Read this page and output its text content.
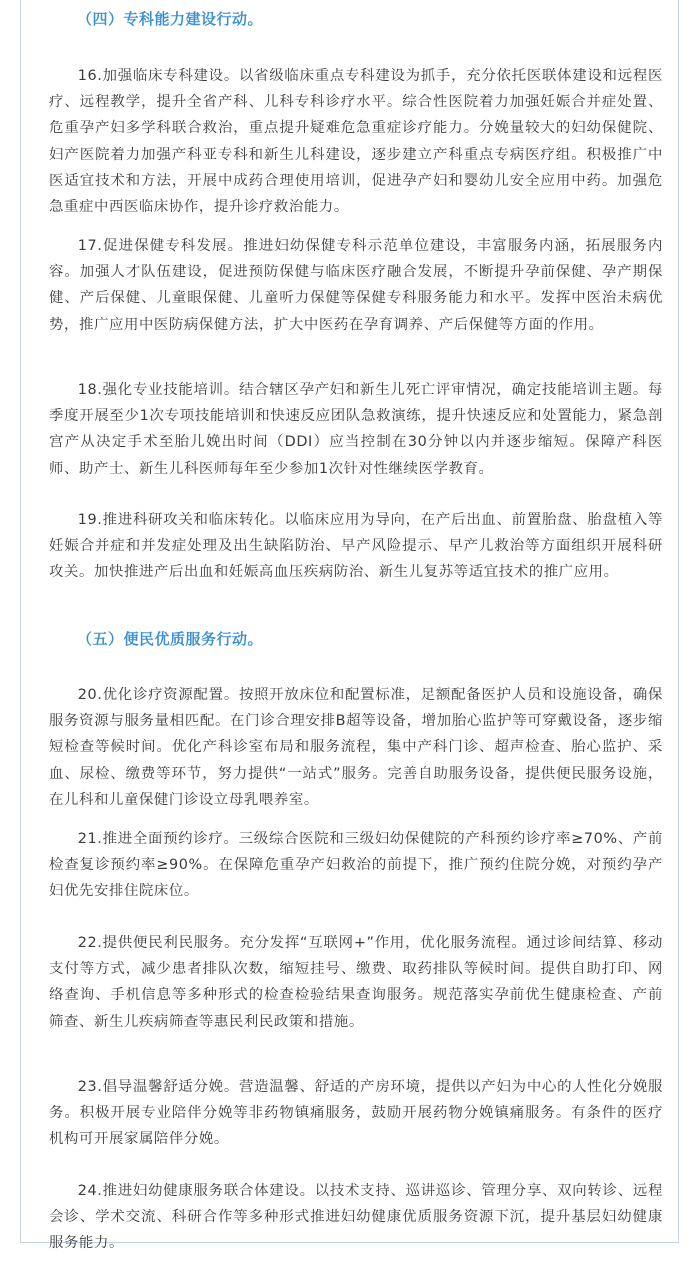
（四）专科能力建设行动。

16.加强临床专科建设。以省级临床重点专科建设为抓手，充分依托医联体建设和远程医疗、远程教学，提升全省产科、儿科专科诊疗水平。综合性医院着力加强妊娠合并症处置、危重孕产妇多学科联合救治，重点提升疑难危急重症诊疗能力。分娩量较大的妇幼保健院、妇产医院着力加强产科亚专科和新生儿科建设，逐步建立产科重点专病医疗组。积极推广中医适宜技术和方法，开展中成药合理使用培训，促进孕产妇和婴幼儿安全应用中药。加强危急重症中西医临床协作，提升诊疗救治能力。

17.促进保健专科发展。推进妇幼保健专科示范单位建设，丰富服务内涵，拓展服务内容。加强人才队伍建设，促进预防保健与临床医疗融合发展，不断提升孕前保健、孕产期保健、产后保健、儿童眼保健、儿童听力保健等保健专科服务能力和水平。发挥中医治未病优势，推广应用中医防病保健方法，扩大中医药在孕育调养、产后保健等方面的作用。

18.强化专业技能培训。结合辖区孕产妇和新生儿死亡评审情况，确定技能培训主题。每季度开展至少1次专项技能培训和快速反应团队急救演练，提升快速反应和处置能力，紧急剖宫产从决定手术至胎儿娩出时间（DDI）应当控制在30分钟以内并逐步缩短。保障产科医师、助产士、新生儿科医师每年至少参加1次针对性继续医学教育。

19.推进科研攻关和临床转化。以临床应用为导向，在产后出血、前置胎盘、胎盘植入等妊娠合并症和并发症处理及出生缺陷防治、早产风险提示、早产儿救治等方面组织开展科研攻关。加快推进产后出血和妊娠高血压疾病防治、新生儿复苏等适宜技术的推广应用。

（五）便民优质服务行动。

20.优化诊疗资源配置。按照开放床位和配置标准，足额配备医护人员和设施设备，确保服务资源与服务量相匹配。在门诊合理安排B超等设备，增加胎心监护等可穿戴设备，逐步缩短检查等候时间。优化产科诊室布局和服务流程，集中产科门诊、超声检查、胎心监护、采血、尿检、缴费等环节，努力提供“一站式”服务。完善自助服务设备，提供便民服务设施，在儿科和儿童保健门诊设立母乳喂养室。

21.推进全面预约诊疗。三级综合医院和三级妇幼保健院的产科预约诊疗率≥70%、产前检查复诊预约率≥90%。在保障危重孕产妇救治的前提下，推广预约住院分娩，对预约孕产妇优先安排住院床位。

22.提供便民利民服务。充分发挥“互联网+”作用，优化服务流程。通过诊间结算、移动支付等方式，减少患者排队次数，缩短挂号、缴费、取药排队等候时间。提供自助打印、网络查询、手机信息等多种形式的检查检验结果查询服务。规范落实孕前优生健康检查、产前筛查、新生儿疾病筛查等惠民利民政策和措施。

23.倡导温馨舒适分娩。营造温馨、舒适的产房环境，提供以产妇为中心的人性化分娩服务。积极开展专业陪伴分娩等非药物镇痛服务，鼓励开展药物分娩镇痛服务。有条件的医疗机构可开展家属陪伴分娩。

24.推进妇幼健康服务联合体建设。以技术支持、巡讲巡诊、管理分享、双向转诊、远程会诊、学术交流、科研合作等多种形式推进妇幼健康优质服务资源下沉，提升基层妇幼健康服务能力。
